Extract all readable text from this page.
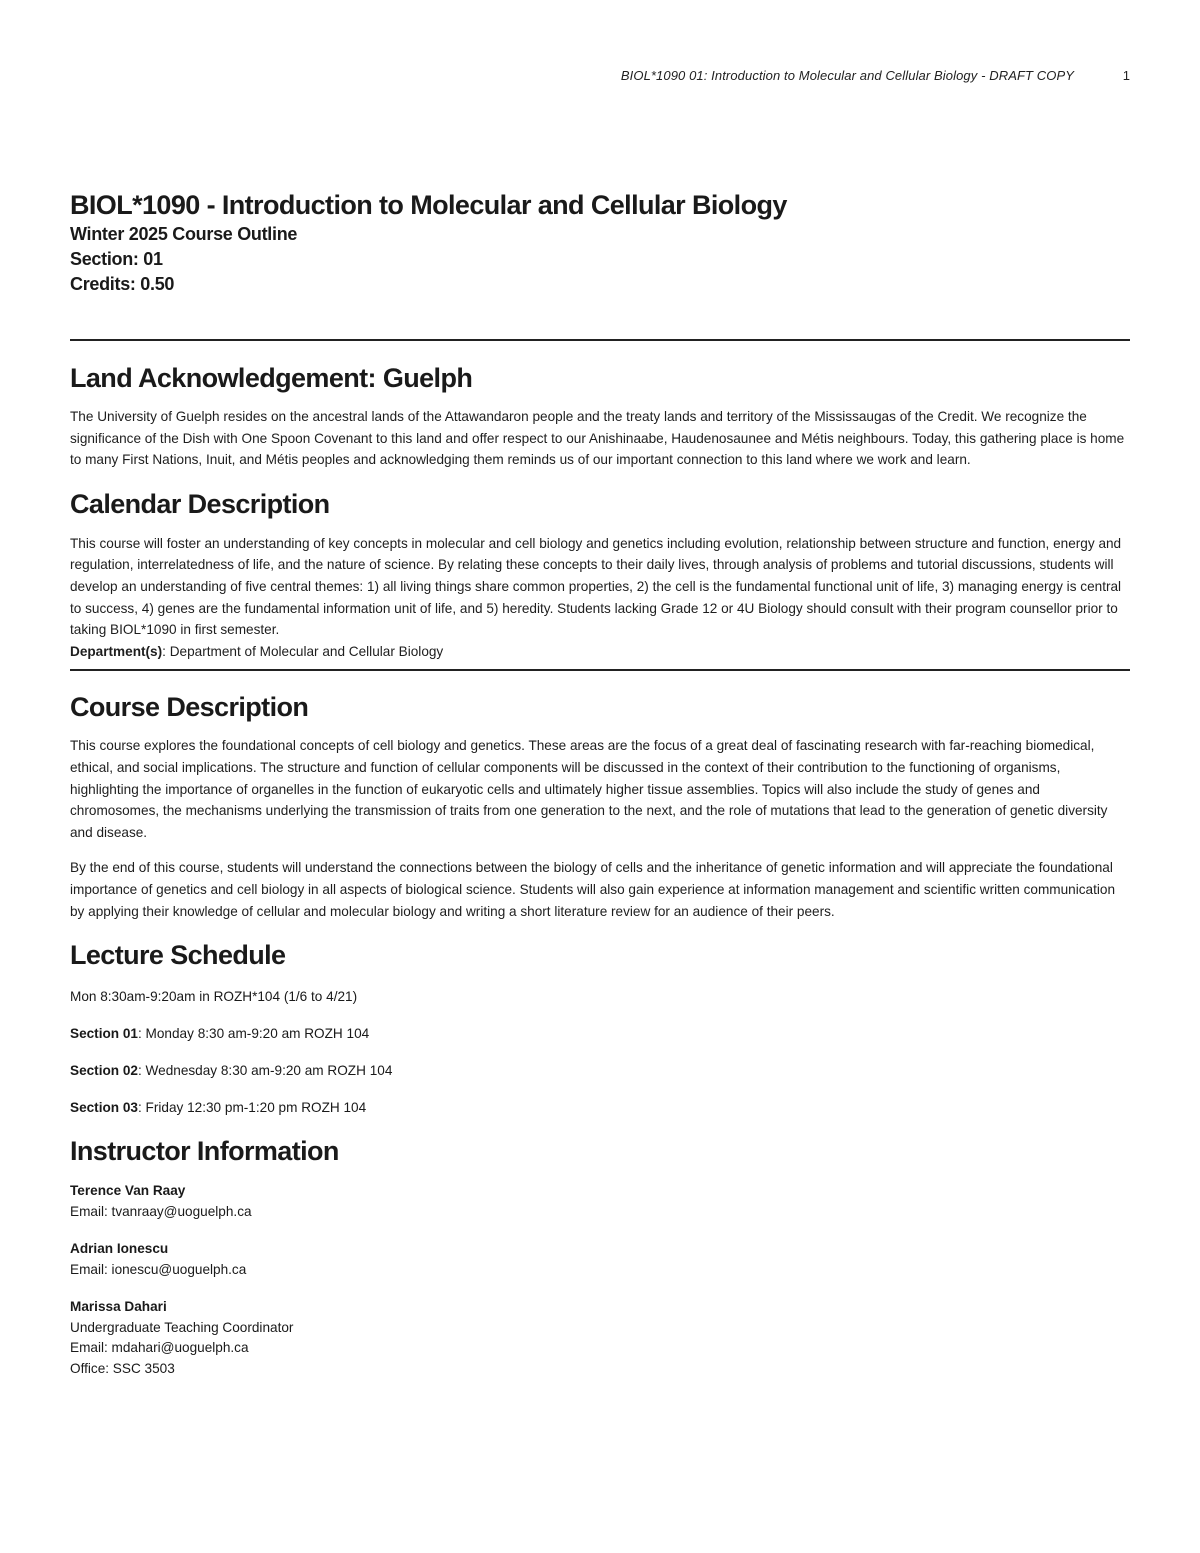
BIOL*1090 01: Introduction to Molecular and Cellular Biology - DRAFT COPY	1
BIOL*1090 - Introduction to Molecular and Cellular Biology
Winter 2025 Course Outline
Section: 01
Credits: 0.50
Land Acknowledgement: Guelph

The University of Guelph resides on the ancestral lands of the Attawandaron people and the treaty lands and territory of the Mississaugas of the Credit. We recognize the significance of the Dish with One Spoon Covenant to this land and offer respect to our Anishinaabe, Haudenosaunee and Métis neighbours. Today, this gathering place is home to many First Nations, Inuit, and Métis peoples and acknowledging them reminds us of our important connection to this land where we work and learn.

Calendar Description

This course will foster an understanding of key concepts in molecular and cell biology and genetics including evolution, relationship between structure and function, energy and regulation, interrelatedness of life, and the nature of science. By relating these concepts to their daily lives, through analysis of problems and tutorial discussions, students will develop an understanding of five central themes: 1) all living things share common properties, 2) the cell is the fundamental functional unit of life, 3) managing energy is central to success, 4) genes are the fundamental information unit of life, and 5) heredity. Students lacking Grade 12 or 4U Biology should consult with their program counsellor prior to taking BIOL*1090 in first semester.

Department(s): Department of Molecular and Cellular Biology

Course Description

This course explores the foundational concepts of cell biology and genetics. These areas are the focus of a great deal of fascinating research with far-reaching biomedical, ethical, and social implications. The structure and function of cellular components will be discussed in the context of their contribution to the functioning of organisms, highlighting the importance of organelles in the function of eukaryotic cells and ultimately higher tissue assemblies. Topics will also include the study of genes and chromosomes, the mechanisms underlying the transmission of traits from one generation to the next, and the role of mutations that lead to the generation of genetic diversity and disease.

By the end of this course, students will understand the connections between the biology of cells and the inheritance of genetic information and will appreciate the foundational importance of genetics and cell biology in all aspects of biological science. Students will also gain experience at information management and scientific written communication by applying their knowledge of cellular and molecular biology and writing a short literature review for an audience of their peers.

Lecture Schedule

Mon 8:30am-9:20am in ROZH*104 (1/6 to 4/21)

Section 01: Monday 8:30 am-9:20 am ROZH 104

Section 02: Wednesday 8:30 am-9:20 am ROZH 104

Section 03: Friday 12:30 pm-1:20 pm ROZH 104

Instructor Information
Terence Van Raay
Email: tvanraay@uoguelph.ca
Adrian Ionescu
Email: ionescu@uoguelph.ca
Marissa Dahari
Undergraduate Teaching Coordinator
Email: mdahari@uoguelph.ca
Office: SSC 3503
